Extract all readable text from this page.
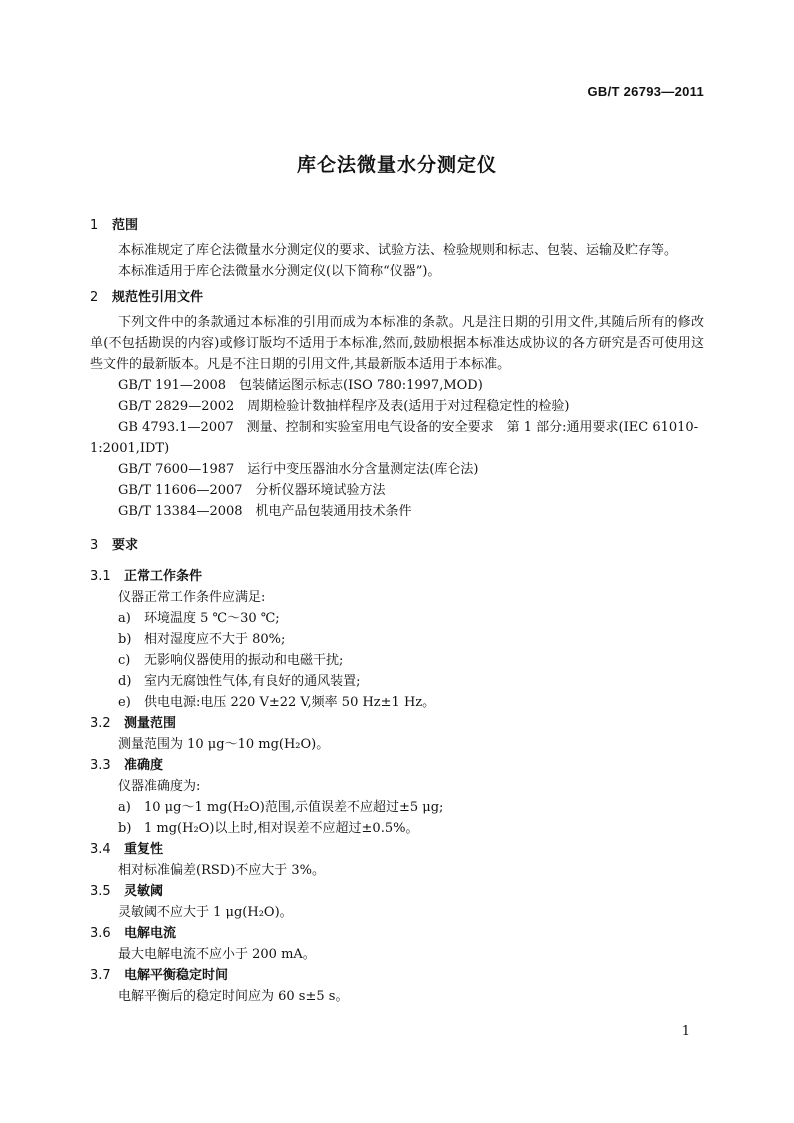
GB/T 26793—2011
库仑法微量水分测定仪
1 范围

本标准规定了库仑法微量水分测定仪的要求、试验方法、检验规则和标志、包装、运输及贮存等。

本标准适用于库仑法微量水分测定仪(以下简称“仪器”)。

2 规范性引用文件

下列文件中的条款通过本标准的引用而成为本标准的条款。凡是注日期的引用文件,其随后所有的修改单(不包括勘误的内容)或修订版均不适用于本标准,然而,鼓励根据本标准达成协议的各方研究是否可使用这些文件的最新版本。凡是不注日期的引用文件,其最新版本适用于本标准。

GB/T 191—2008　包装储运图示标志(ISO 780:1997,MOD)

GB/T 2829—2002　周期检验计数抽样程序及表(适用于对过程稳定性的检验)

GB 4793.1—2007　测量、控制和实验室用电气设备的安全要求　第 1 部分:通用要求(IEC 61010-

1:2001,IDT)

GB/T 7600—1987　运行中变压器油水分含量测定法(库仑法)

GB/T 11606—2007　分析仪器环境试验方法

GB/T 13384—2008　机电产品包装通用技术条件

3 要求
3.1 正常工作条件

仪器正常工作条件应满足:

a) 环境温度 5 ℃～30 ℃;

b) 相对湿度应不大于 80%;

c) 无影响仪器使用的振动和电磁干扰;

d) 室内无腐蚀性气体,有良好的通风装置;

e) 供电电源:电压 220 V±22 V,频率 50 Hz±1 Hz。

3.2 测量范围

测量范围为 10 μg～10 mg(H₂O)。

3.3 准确度

仪器准确度为:

a) 10 μg～1 mg(H₂O)范围,示值误差不应超过±5 μg;

b) 1 mg(H₂O)以上时,相对误差不应超过±0.5%。

3.4 重复性

相对标准偏差(RSD)不应大于 3%。

3.5 灵敏阈

灵敏阈不应大于 1 μg(H₂O)。

3.6 电解电流

最大电解电流不应小于 200 mA。

3.7 电解平衡稳定时间

电解平衡后的稳定时间应为 60 s±5 s。

1
